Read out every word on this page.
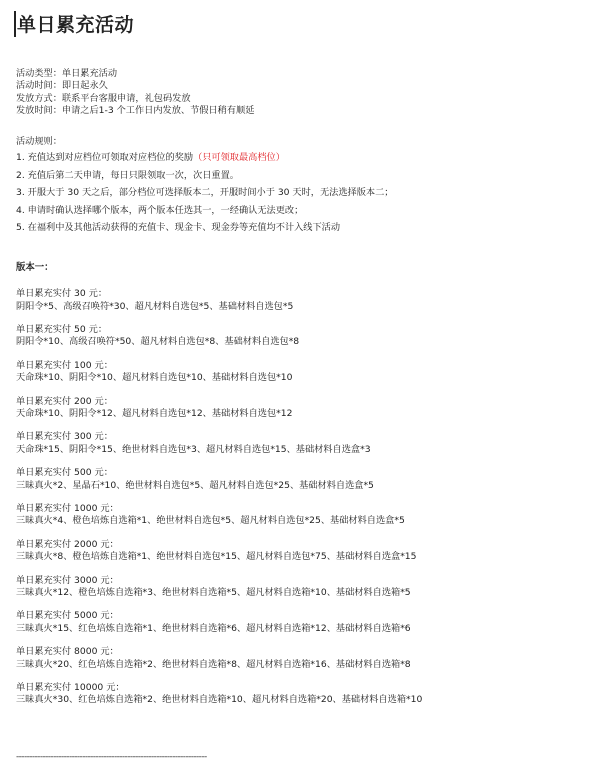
单日累充活动
活动类型：单日累充活动
活动时间：即日起永久
发放方式：联系平台客服申请，礼包码发放
发放时间：申请之后1-3 个工作日内发放、节假日稍有顺延
活动规则：
1. 充值达到对应档位可领取对应档位的奖励（只可领取最高档位）
2. 充值后第二天申请，每日只限领取一次，次日重置。
3. 开服大于 30 天之后，部分档位可选择版本二，开服时间小于 30 天时，无法选择版本二；
4. 申请时确认选择哪个版本，两个版本任选其一，一经确认无法更改；
5. 在福利中及其他活动获得的充值卡、现金卡、现金券等充值均不计入线下活动
版本一：
单日累充实付 30 元：
阴阳令*5、高级召唤符*30、超凡材料自选包*5、基础材料自选包*5
单日累充实付 50 元：
阴阳令*10、高级召唤符*50、超凡材料自选包*8、基础材料自选包*8
单日累充实付 100 元：
天命珠*10、阴阳令*10、超凡材料自选包*10、基础材料自选包*10
单日累充实付 200 元：
天命珠*10、阴阳令*12、超凡材料自选包*12、基础材料自选包*12
单日累充实付 300 元：
天命珠*15、阴阳令*15、绝世材料自选包*3、超凡材料自选包*15、基础材料自选盒*3
单日累充实付 500 元：
三昧真火*2、星晶石*10、绝世材料自选包*5、超凡材料自选包*25、基础材料自选盒*5
单日累充实付 1000 元：
三昧真火*4、橙色培炼自选箱*1、绝世材料自选包*5、超凡材料自选包*25、基础材料自选盒*5
单日累充实付 2000 元：
三昧真火*8、橙色培炼自选箱*1、绝世材料自选包*15、超凡材料自选包*75、基础材料自选盒*15
单日累充实付 3000 元：
三昧真火*12、橙色培炼自选箱*3、绝世材料自选箱*5、超凡材料自选箱*10、基础材料自选箱*5
单日累充实付 5000 元：
三昧真火*15、红色培炼自选箱*1、绝世材料自选箱*6、超凡材料自选箱*12、基础材料自选箱*6
单日累充实付 8000 元：
三昧真火*20、红色培炼自选箱*2、绝世材料自选箱*8、超凡材料自选箱*16、基础材料自选箱*8
单日累充实付 10000 元：
三昧真火*30、红色培炼自选箱*2、绝世材料自选箱*10、超凡材料自选箱*20、基础材料自选箱*10
------------------------------------------------------------------------
